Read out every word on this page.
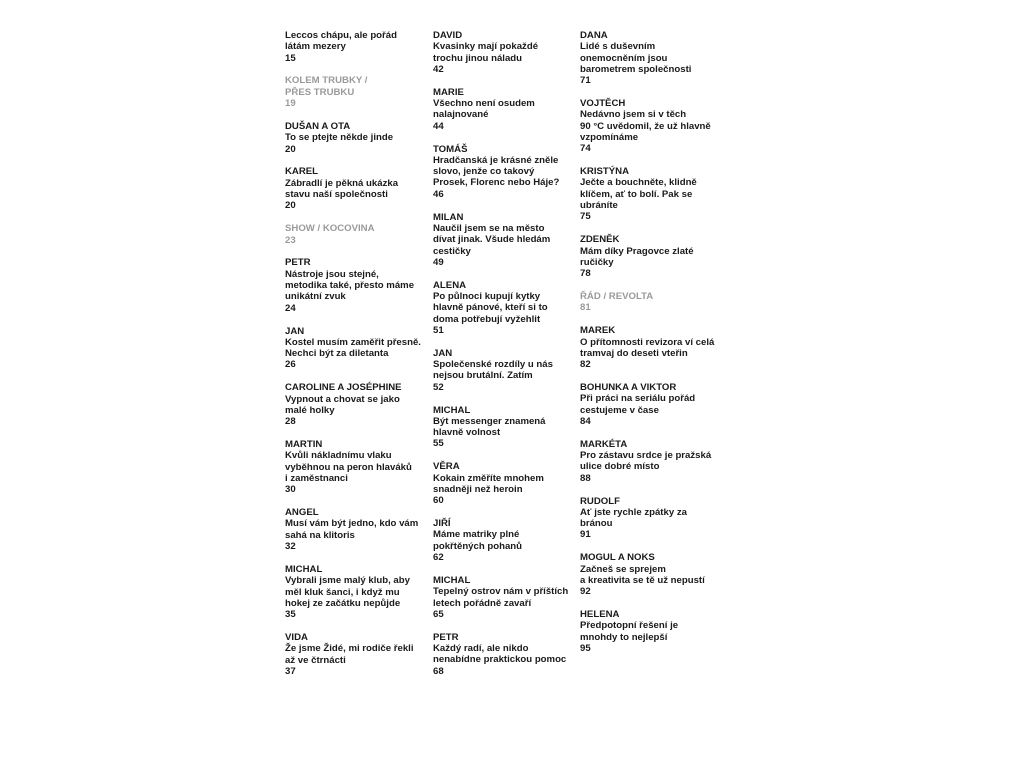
Leccos chápu, ale pořád
látám mezery
15
KOLEM TRUBKY /
PŘES TRUBKU
19
DUŠAN A OTA
To se ptejte někde jinde
20
KAREL
Zábradlí je pěkná ukázka
stavu naší společnosti
20
SHOW / KOCOVINA
23
PETR
Nástroje jsou stejné,
metodika také, přesto máme
unikátní zvuk
24
JAN
Kostel musím zaměřit přesně.
Nechci být za diletanta
26
CAROLINE A JOSÉPHINE
Vypnout a chovat se jako
malé holky
28
MARTIN
Kvůli nákladnímu vlaku
vyběhnou na peron hlaváků
i zaměstnanci
30
ANGEL
Musí vám být jedno, kdo vám
sahá na klitoris
32
MICHAL
Vybrali jsme malý klub, aby
měl kluk šanci, i když mu
hokej ze začátku nepůjde
35
VIDA
Že jsme Židé, mi rodiče řekli
až ve čtrnácti
37
DAVID
Kvasinky mají pokaždé
trochu jinou náladu
42
MARIE
Všechno není osudem
nalajnované
44
TOMÁŠ
Hradčanská je krásné zněle
slovo, jenže co takový
Prosek, Florenc nebo Háje?
46
MILAN
Naučil jsem se na město
dívat jinak. Všude hledám
cestičky
49
ALENA
Po půlnoci kupují kytky
hlavně pánové, kteří si to
doma potřebují vyžehlit
51
JAN
Společenské rozdíly u nás
nejsou brutální. Zatím
52
MICHAL
Být messenger znamená
hlavně volnost
55
VĚRA
Kokain změříte mnohem
snadněji než heroin
60
JIŘÍ
Máme matriky plné
pokřtěných pohanů
62
MICHAL
Tepelný ostrov nám v příštích
letech pořádně zavaří
65
PETR
Každý radí, ale nikdo
nenabídne praktickou pomoc
68
DANA
Lidé s duševním
onemocněním jsou
barometrem společnosti
71
VOJTĚCH
Nedávno jsem si v těch
90 °C uvědomil, že už hlavně
vzpomínáme
74
KRISTÝNA
Ječte a bouchněte, klidně
klíčem, ať to bolí. Pak se
ubráníte
75
ZDENĚK
Mám díky Pragovce zlaté
ručičky
78
ŘÁD / REVOLTA
81
MAREK
O přítomnosti revizora ví celá
tramvaj do deseti vteřin
82
BOHUNKA A VIKTOR
Při práci na seriálu pořád
cestujeme v čase
84
MARKÉTA
Pro zástavu srdce je pražská
ulice dobré místo
88
RUDOLF
Ať jste rychle zpátky za bránou
91
MOGUL A NOKS
Začneš se sprejem
a kreativita se tě už nepustí
92
HELENA
Předpotopní řešení je
mnohdy to nejlepší
95
